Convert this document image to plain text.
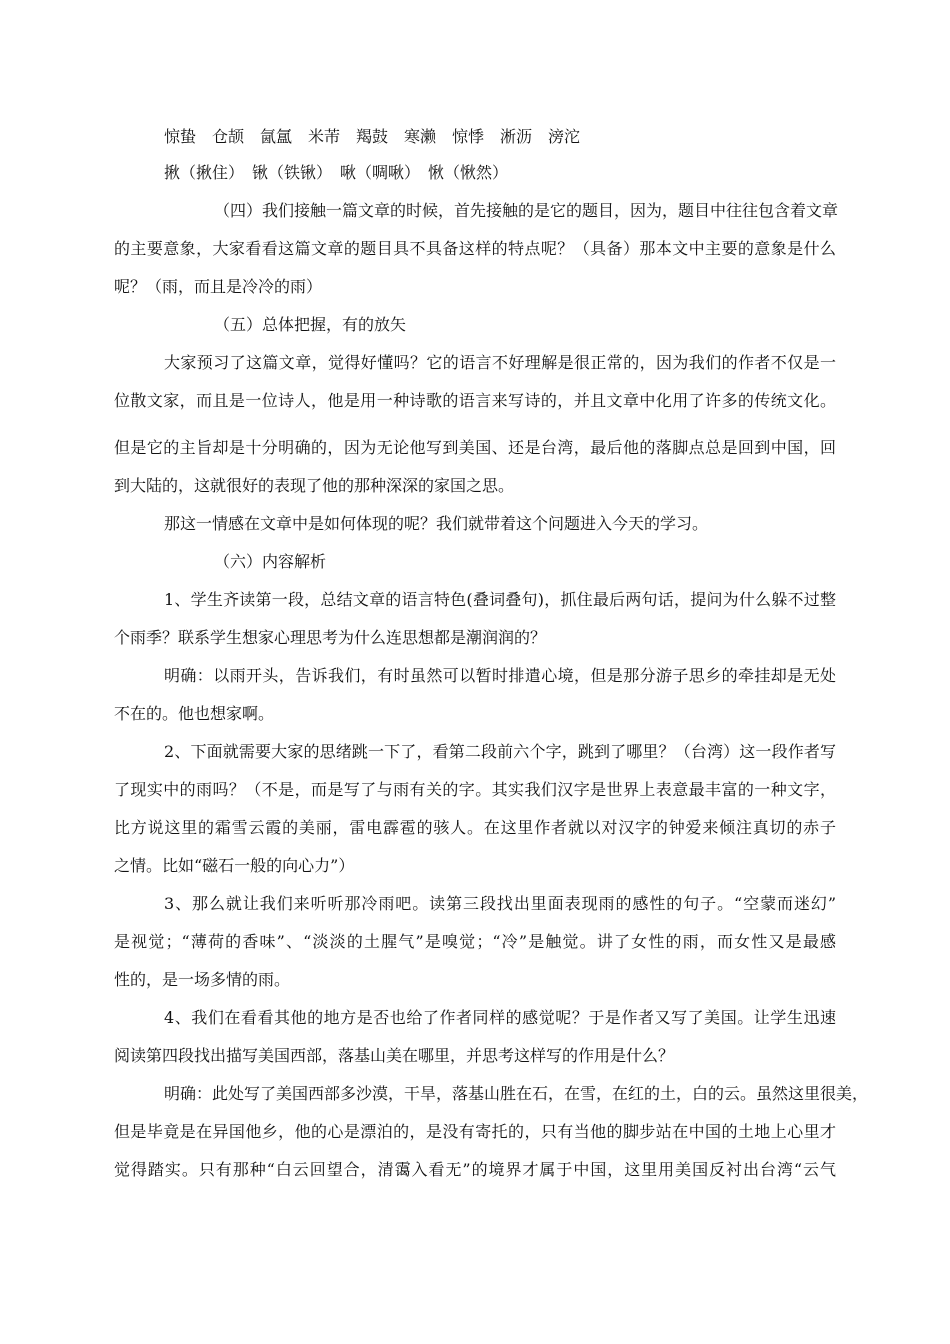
惊蛰　仓颉　氤氲　米芾　羯鼓　寒濑　惊悸　淅沥　滂沱
揪（揪住）　锹（铁锹）　啾（啁啾）　愀（愀然）
（四）我们接触一篇文章的时候，首先接触的是它的题目，因为，题目中往往包含着文章
的主要意象，大家看看这篇文章的题目具不具备这样的特点呢？（具备）那本文中主要的意象是什么
呢？（雨，而且是冷冷的雨）
（五）总体把握，有的放矢
大家预习了这篇文章，觉得好懂吗？它的语言不好理解是很正常的，因为我们的作者不仅是一
位散文家，而且是一位诗人，他是用一种诗歌的语言来写诗的，并且文章中化用了许多的传统文化。
但是它的主旨却是十分明确的，因为无论他写到美国、还是台湾，最后他的落脚点总是回到中国，回
到大陆的，这就很好的表现了他的那种深深的家国之思。
那这一情感在文章中是如何体现的呢？我们就带着这个问题进入今天的学习。
（六）内容解析
1、学生齐读第一段，总结文章的语言特色(叠词叠句)，抓住最后两句话，提问为什么躲不过整
个雨季？联系学生想家心理思考为什么连思想都是潮润润的？
明确：以雨开头，告诉我们，有时虽然可以暂时排遣心境，但是那分游子思乡的牵挂却是无处
不在的。他也想家啊。
2、下面就需要大家的思绪跳一下了，看第二段前六个字，跳到了哪里？（台湾）这一段作者写
了现实中的雨吗？（不是，而是写了与雨有关的字。其实我们汉字是世界上表意最丰富的一种文字，
比方说这里的霜雪云霞的美丽，雷电霹雹的骇人。在这里作者就以对汉字的钟爱来倾注真切的赤子
之情。比如“磁石一般的向心力”）
3、那么就让我们来听听那冷雨吧。读第三段找出里面表现雨的感性的句子。“空蒙而迷幻”
是视觉；“薄荷的香味”、“淡淡的土腥气”是嗅觉；“冷”是触觉。讲了女性的雨，而女性又是最感
性的，是一场多情的雨。
4、我们在看看其他的地方是否也给了作者同样的感觉呢？于是作者又写了美国。让学生迅速
阅读第四段找出描写美国西部，落基山美在哪里，并思考这样写的作用是什么？
明确：此处写了美国西部多沙漠，干旱，落基山胜在石，在雪，在红的土，白的云。虽然这里很美，
但是毕竟是在异国他乡，他的心是漂泊的，是没有寄托的，只有当他的脚步站在中国的土地上心里才
觉得踏实。只有那种“白云回望合，清霭入看无”的境界才属于中国，这里用美国反衬出台湾“云气
